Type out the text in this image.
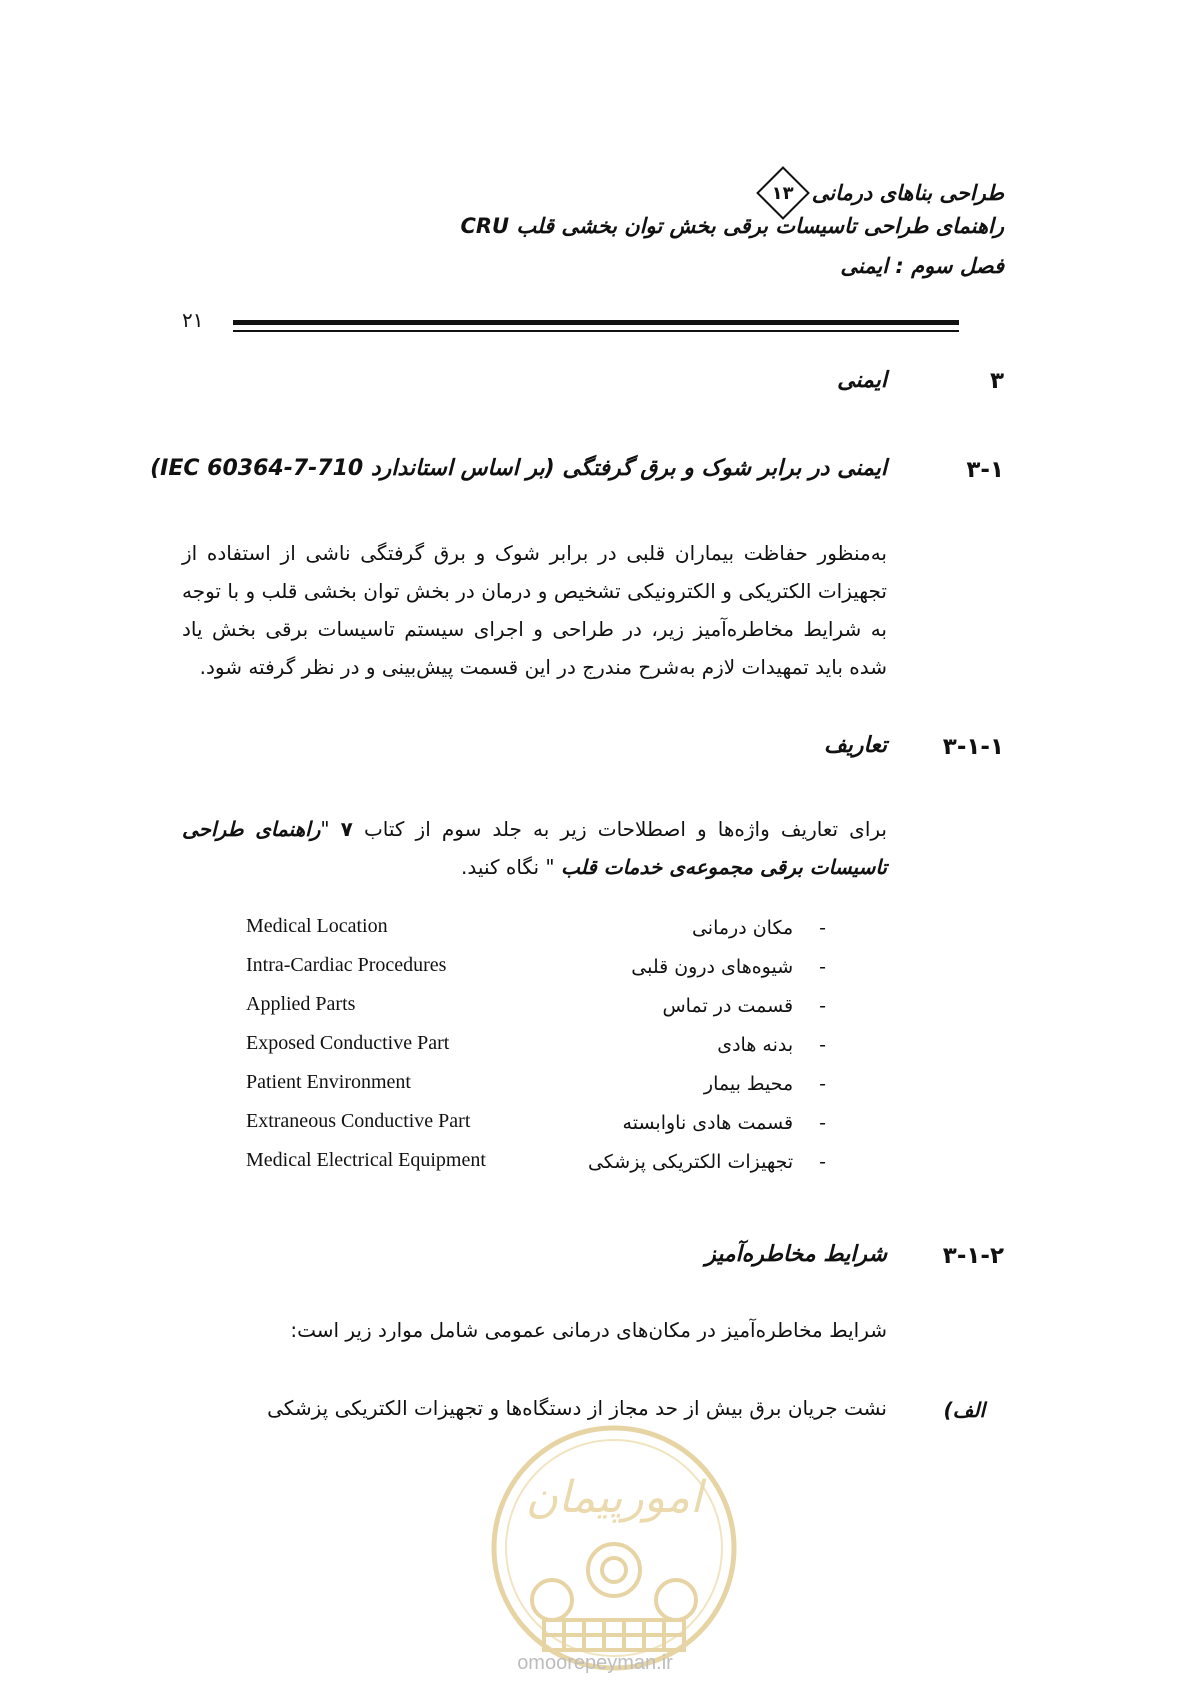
طراحی بناهای درمانی
۱۳
راهنمای طراحی تاسیسات برقی بخش توان بخشی قلب CRU
فصل سوم : ایمنی
۲۱
۳
ایمنی
۳-۱
ایمنی در برابر شوک و برق گرفتگی (بر اساس استاندارد IEC 60364-7-710)
به‌منظور حفاظت بیماران قلبی در برابر شوک و برق گرفتگی ناشی از استفاده از تجهیزات الکتریکی و الکترونیکی تشخیص و درمان در بخش توان بخشی قلب و با توجه به شرایط مخاطره‌آمیز زیر، در طراحی و اجرای سیستم تاسیسات برقی بخش یاد شده باید تمهیدات لازم به‌شرح مندرج در این قسمت پیش‌بینی و در نظر گرفته شود.
۳-۱-۱
تعاریف
برای تعاریف واژه‌ها و اصطلاحات زیر به جلد سوم از کتاب ۷ "راهنمای طراحی تاسیسات برقی مجموعه‌ی خدمات قلب " نگاه کنید.
Medical Location	-مکان درمانی
Intra-Cardiac Procedures	-شیوه‌های درون قلبی
Applied Parts	-قسمت در تماس
Exposed Conductive Part	-بدنه هادی
Patient Environment	-محیط بیمار
Extraneous Conductive Part	-قسمت هادی ناوابسته
Medical Electrical Equipment	-تجهیزات الکتریکی پزشکی
۳-۱-۲
شرایط مخاطره‌آمیز
شرایط مخاطره‌آمیز در مکان‌های درمانی عمومی شامل موارد زیر است:
الف)
نشت جریان برق بیش از حد مجاز از دستگاه‌ها و تجهیزات الکتریکی پزشکی
امورپیمان
omoorepeyman.ir
